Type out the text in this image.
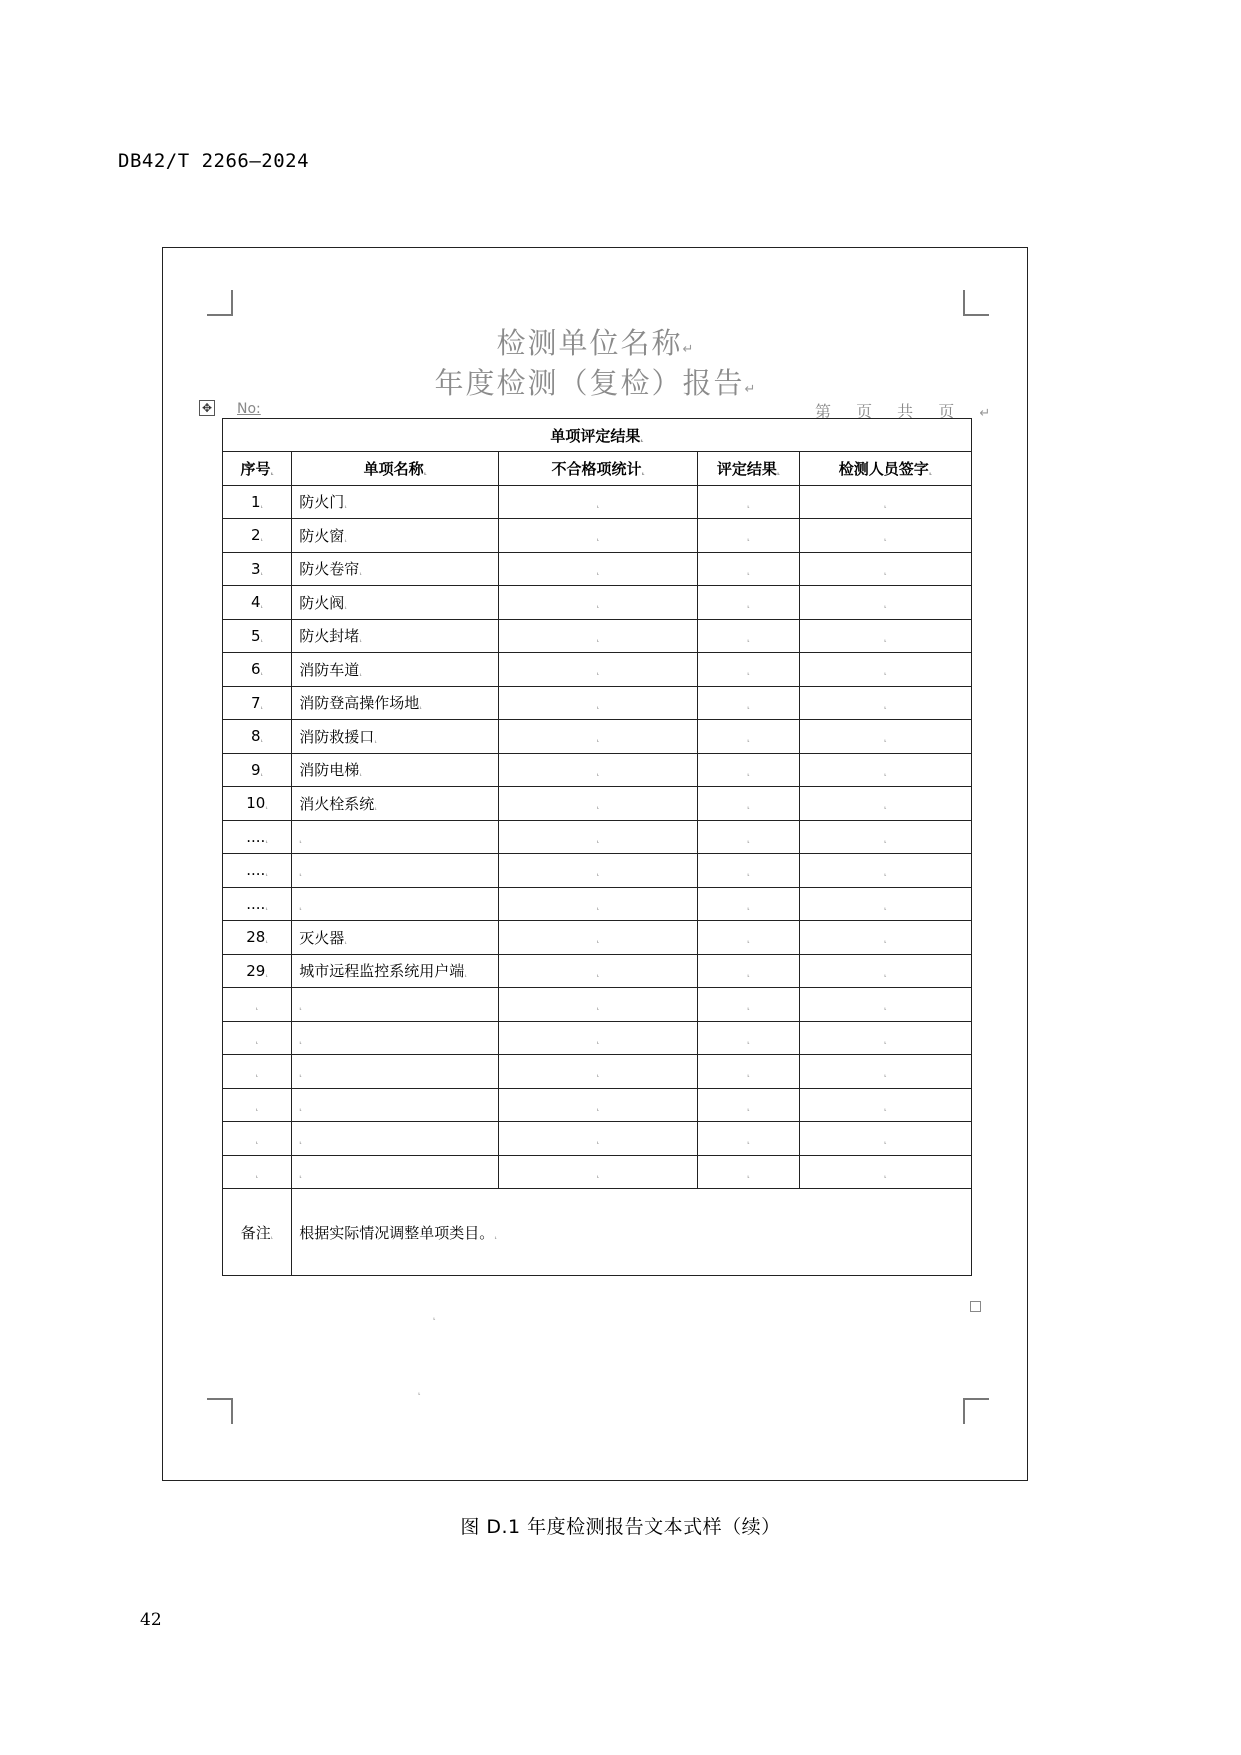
DB42/T 2266—2024
检测单位名称↵
年度检测（复检）报告↵
✥ No:	第 页 共 页 ↵
单项评定结果⸤				
序号⸤	单项名称⸤	不合格项统计⸤	评定结果⸤	检测人员签字⸤
1⸤	防火门⸤	⸤	⸤	⸤
2⸤	防火窗⸤	⸤	⸤	⸤
3⸤	防火卷帘⸤	⸤	⸤	⸤
4⸤	防火阀⸤	⸤	⸤	⸤
5⸤	防火封堵⸤	⸤	⸤	⸤
6⸤	消防车道⸤	⸤	⸤	⸤
7⸤	消防登高操作场地⸤	⸤	⸤	⸤
8⸤	消防救援口⸤	⸤	⸤	⸤
9⸤	消防电梯⸤	⸤	⸤	⸤
10⸤	消火栓系统⸤	⸤	⸤	⸤
....⸤	⸤	⸤	⸤	⸤
....⸤	⸤	⸤	⸤	⸤
....⸤	⸤	⸤	⸤	⸤
28⸤	灭火器⸤	⸤	⸤	⸤
29⸤	城市远程监控系统用户端⸤	⸤	⸤	⸤
⸤	⸤	⸤	⸤	⸤
⸤	⸤	⸤	⸤	⸤
⸤	⸤	⸤	⸤	⸤
⸤	⸤	⸤	⸤	⸤
⸤	⸤	⸤	⸤	⸤
⸤	⸤	⸤	⸤	⸤
备注⸤	根据实际情况调整单项类目。⸤			
⸤
⸤
图 D.1 年度检测报告文本式样（续）
42
